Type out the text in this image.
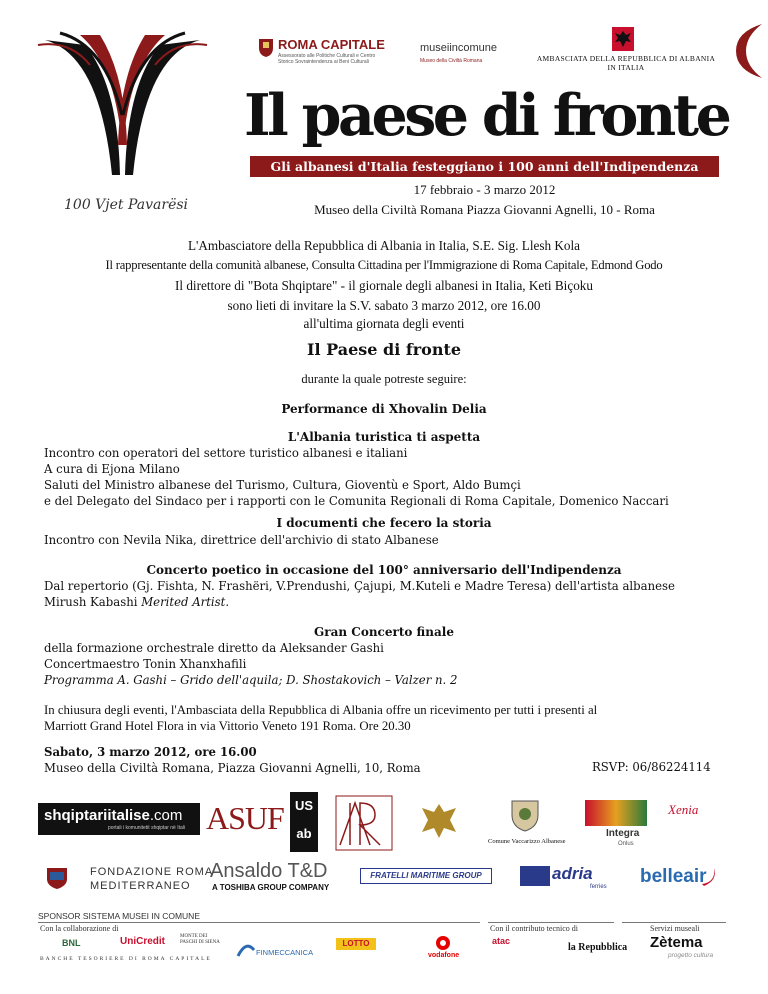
100 Vjet Pavarësi
ROMA CAPITALE
Assessorato alle Politiche Culturali e Centro Storico Sovraintendenza ai Beni Culturali
museiincomune
Museo della Civiltà Romana	AMBASCIATA DELLA REPUBBLICA DI ALBANIA
IN ITALIA
Il paese di fronte
Gli albanesi d'Italia festeggiano i 100 anni dell'Indipendenza
17 febbraio - 3 marzo 2012
Museo della Civiltà Romana Piazza Giovanni Agnelli, 10 - Roma
L'Ambasciatore della Repubblica di Albania in Italia, S.E. Sig. Llesh Kola
Il rappresentante della comunità albanese, Consulta Cittadina per l'Immigrazione di Roma Capitale, Edmond Godo
Il direttore di "Bota Shqiptare" - il giornale degli albanesi in Italia, Keti Biçoku
sono lieti di invitare la S.V. sabato 3 marzo 2012, ore 16.00
all'ultima giornata degli eventi
Il Paese di fronte
durante la quale potreste seguire:
Performance di Xhovalin Delia
L'Albania turistica ti aspetta
Incontro con operatori del settore turistico albanesi e italiani
A cura di Ejona Milano
Saluti del Ministro albanese del Turismo, Cultura, Gioventù e Sport, Aldo Bumçi
e del Delegato del Sindaco per i rapporti con le Comunita Regionali di Roma Capitale, Domenico Naccari
I documenti che fecero la storia
Incontro con Nevila Nika, direttrice dell'archivio di stato Albanese
Concerto poetico in occasione del 100° anniversario dell'Indipendenza
Dal repertorio (Gj. Fishta, N. Frashëri, V.Prendushi, Çajupi, M.Kuteli e Madre Teresa) dell'artista albanese
Mirush Kabashi Merited Artist.
Gran Concerto finale
della formazione orchestrale diretto da Aleksander Gashi
Concertmaestro Tonin Xhanxhafili
Programma A. Gashi – Grido dell'aquila; D. Shostakovich – Valzer n. 2
In chiusura degli eventi, l'Ambasciata della Repubblica di Albania offre un ricevimento per tutti i presenti al
Marriott Grand Hotel Flora in via Vittorio Veneto 191 Roma. Ore 20.30
Sabato, 3 marzo 2012, ore 16.00
Museo della Civiltà Romana, Piazza Giovanni Agnelli, 10, Roma	RSVP: 06/86224114
shqiptariitalise.com
portali i komunitetit shqiptar në Itali ASUF US ab
Comune Vaccarizzo Albanese
Integra
Onlus
Xenia
FONDAZIONE ROMA
MEDITERRANEO
Ansaldo T&D
A TOSHIBA GROUP COMPANY
FRATELLI MARITIME GROUP	adria
ferries belleair
SPONSOR SISTEMA MUSEI IN COMUNE
Con la collaborazione di
BNL	UniCredit	MONTE DEI PASCHI DI SIENA
BANCHE TESORIERE DI ROMA CAPITALE
FINMECCANICA
LOTTO
vodafone
Con il contributo tecnico di
atac
la Repubblica
Servizi museali
Zètema
progetto cultura
